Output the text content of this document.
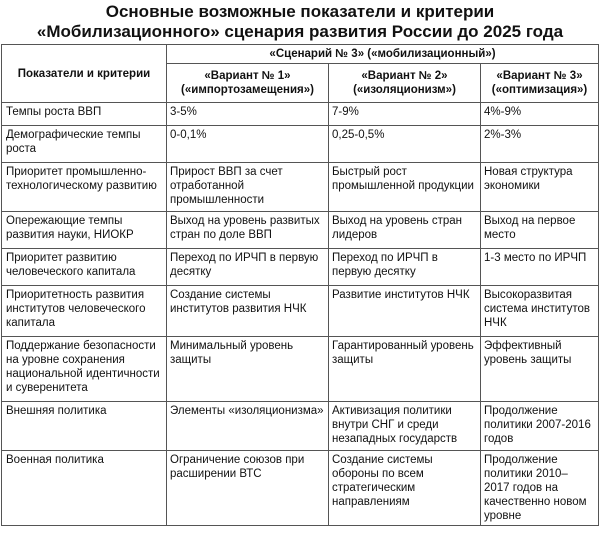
Основные возможные показатели и критерии
«Мобилизационного» сценария развития России до 2025 года
Показатели и критерии	«Сценарий № 3» («мобилизационный»)		
	«Вариант № 1» («импортозамещения»)	«Вариант № 2» («изоляционизм»)	«Вариант № 3» («оптимизация»)
Темпы роста ВВП	3-5%	7-9%	4%-9%
Демографические темпы роста	0-0,1%	0,25-0,5%	2%-3%
Приоритет промышленно-технологическому развитию	Прирост ВВП за счет отработанной промышленности	Быстрый рост промышленной продукции	Новая структура экономики
Опережающие темпы развития науки, НИОКР	Выход на уровень развитых стран по доле ВВП	Выход на уровень стран лидеров	Выход на первое место
Приоритет развитию человеческого капитала	Переход по ИРЧП в первую десятку	Переход по ИРЧП в первую десятку	1-3 место по ИРЧП
Приоритетность развития институтов человеческого капитала	Создание системы институтов развития НЧК	Развитие институтов НЧК	Высокоразвитая система институтов НЧК
Поддержание безопасности на уровне сохранения национальной идентичности и суверенитета	Минимальный уровень защиты	Гарантированный уровень защиты	Эффективный уровень защиты
Внешняя политика	Элементы «изоляционизма»	Активизация политики внутри СНГ и среди незападных государств	Продолжение политики 2007-2016 годов
Военная политика	Ограничение союзов при расширении ВТС	Создание системы обороны по всем стратегическим направлениям	Продолжение политики 2010– 2017 годов на качественно новом уровне
